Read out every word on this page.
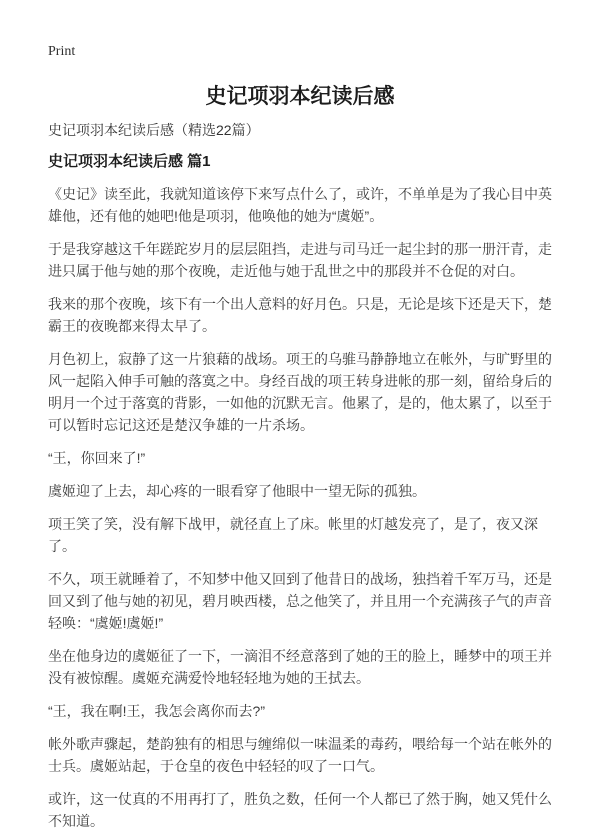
Print
史记项羽本纪读后感
史记项羽本纪读后感（精选22篇）
史记项羽本纪读后感 篇1

《史记》读至此，我就知道该停下来写点什么了，或许，不单单是为了我心目中英雄他，还有他的她吧!他是项羽，他唤他的她为“虞姬”。

于是我穿越这千年蹉跎岁月的层层阻挡，走进与司马迁一起尘封的那一册汗青，走进只属于他与她的那个夜晚，走近他与她于乱世之中的那段并不仓促的对白。

我来的那个夜晚，垓下有一个出人意料的好月色。只是，无论是垓下还是天下，楚霸王的夜晚都来得太早了。

月色初上，寂静了这一片狼藉的战场。项王的乌骓马静静地立在帐外，与旷野里的风一起陷入伸手可触的落寞之中。身经百战的项王转身进帐的那一刻，留给身后的明月一个过于落寞的背影，一如他的沉默无言。他累了，是的，他太累了，以至于可以暂时忘记这还是楚汉争雄的一片杀场。

“王，你回来了!”

虞姬迎了上去，却心疼的一眼看穿了他眼中一望无际的孤独。

项王笑了笑，没有解下战甲，就径直上了床。帐里的灯越发亮了，是了，夜又深了。

不久，项王就睡着了，不知梦中他又回到了他昔日的战场，独挡着千军万马，还是回又到了他与她的初见，碧月映西楼，总之他笑了，并且用一个充满孩子气的声音轻唤：“虞姬!虞姬!”

坐在他身边的虞姬征了一下，一滴泪不经意落到了她的王的脸上，睡梦中的项王并没有被惊醒。虞姬充满爱怜地轻轻地为她的王拭去。

“王，我在啊!王，我怎会离你而去?”

帐外歌声骤起，楚韵独有的相思与缠绵似一味温柔的毒药，喂给每一个站在帐外的士兵。虞姬站起，于仓皇的夜色中轻轻的叹了一口气。

或许，这一仗真的不用再打了，胜负之数，任何一个人都已了然于胸，她又凭什么不知道。
